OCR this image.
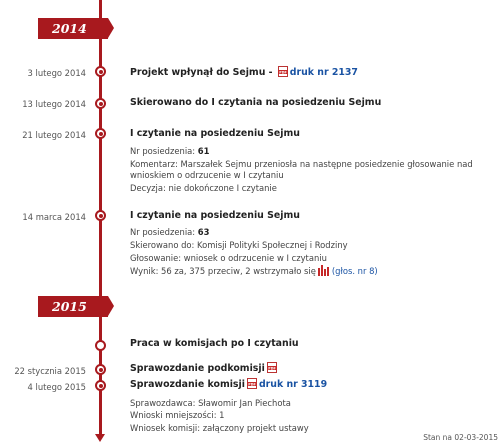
2014
3 lutego 2014	Projekt wpłynął do Sejmu - PDF druk nr 2137
13 lutego 2014	Skierowano do I czytania na posiedzeniu Sejmu
21 lutego 2014	I czytanie na posiedzeniu Sejmu
Nr posiedzenia: 61
Komentarz: Marszałek Sejmu przeniosła na następne posiedzenie głosowanie nad
wnioskiem o odrzucenie w I czytaniu
Decyzja: nie dokończone I czytanie
14 marca 2014	I czytanie na posiedzeniu Sejmu
Nr posiedzenia: 63
Skierowano do: Komisji Polityki Społecznej i Rodziny
Głosowanie: wniosek o odrzucenie w I czytaniu
Wynik: 56 za, 375 przeciw, 2 wstrzymało się (głos. nr 8)
2015
Praca w komisjach po I czytaniu
22 stycznia 2015	Sprawozdanie podkomisji PDF
4 lutego 2015	Sprawozdanie komisji PDF druk nr 3119
Sprawozdawca: Sławomir Jan Piechota
Wnioski mniejszości: 1
Wniosek komisji: załączony projekt ustawy
Stan na 02-03-2015
